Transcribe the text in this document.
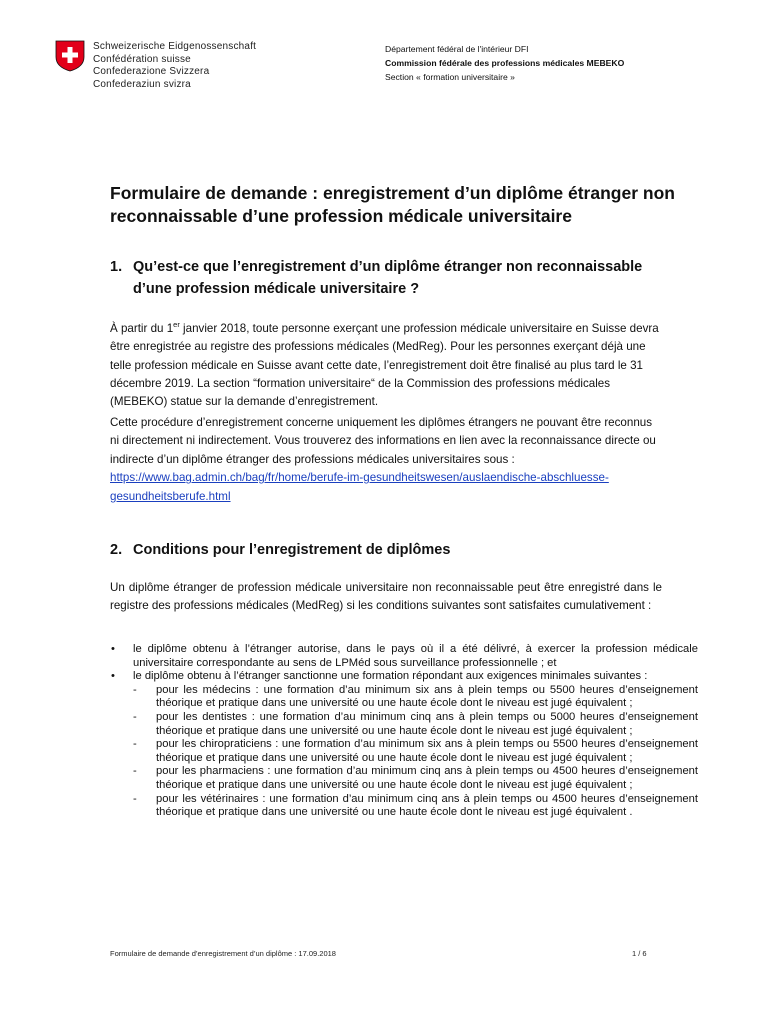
Schweizerische Eidgenossenschaft
Confédération suisse
Confederazione Svizzera
Confederaziun svizra
Département fédéral de l'intérieur DFI
Commission fédérale des professions médicales MEBEKO
Section « formation universitaire »
Formulaire de demande : enregistrement d’un diplôme étranger non reconnaissable d’une profession médicale universitaire
1. Qu’est-ce que l’enregistrement d’un diplôme étranger non reconnaissable
d’une profession médicale universitaire ?

À partir du 1er janvier 2018, toute personne exerçant une profession médicale universitaire en Suisse devra être enregistrée au registre des professions médicales (MedReg). Pour les personnes exerçant déjà une telle profession médicale en Suisse avant cette date, l’enregistrement doit être finalisé au plus tard le 31 décembre 2019. La section “formation universitaire“ de la Commission des professions médicales (MEBEKO) statue sur la demande d’enregistrement.

Cette procédure d’enregistrement concerne uniquement les diplômes étrangers ne pouvant être reconnus ni directement ni indirectement. Vous trouverez des informations en lien avec la reconnaissance directe ou indirecte d’un diplôme étranger des professions médicales universitaires sous : https://www.bag.admin.ch/bag/fr/home/berufe-im-gesundheitswesen/auslaendische-abschluesse-gesundheitsberufe.html

2. Conditions pour l’enregistrement de diplômes

Un diplôme étranger de profession médicale universitaire non reconnaissable peut être enregistré dans le registre des professions médicales (MedReg) si les conditions suivantes sont satisfaites cumulativement :

• le diplôme obtenu à l’étranger autorise, dans le pays où il a été délivré, à exercer la profession médicale universitaire correspondante au sens de LPMéd sous surveillance professionnelle ; et
• le diplôme obtenu à l’étranger sanctionne une formation répondant aux exigences minimales suivantes :
- pour les médecins : une formation d’au minimum six ans à plein temps ou 5500 heures d’enseignement théorique et pratique dans une université ou une haute école dont le niveau est jugé équivalent ;
- pour les dentistes : une formation d’au minimum cinq ans à plein temps ou 5000 heures d’enseignement théorique et pratique dans une université ou une haute école dont le niveau est jugé équivalent ;
- pour les chiropraticiens : une formation d’au minimum six ans à plein temps ou 5500 heures d’enseignement théorique et pratique dans une université ou une haute école dont le niveau est jugé équivalent ;
- pour les pharmaciens : une formation d’au minimum cinq ans à plein temps ou 4500 heures d’enseignement théorique et pratique dans une université ou une haute école dont le niveau est jugé équivalent ;
- pour les vétérinaires : une formation d’au minimum cinq ans à plein temps ou 4500 heures d’enseignement théorique et pratique dans une université ou une haute école dont le niveau est jugé équivalent .
Formulaire de demande d’enregistrement d’un diplôme : 17.09.2018	1 / 6
